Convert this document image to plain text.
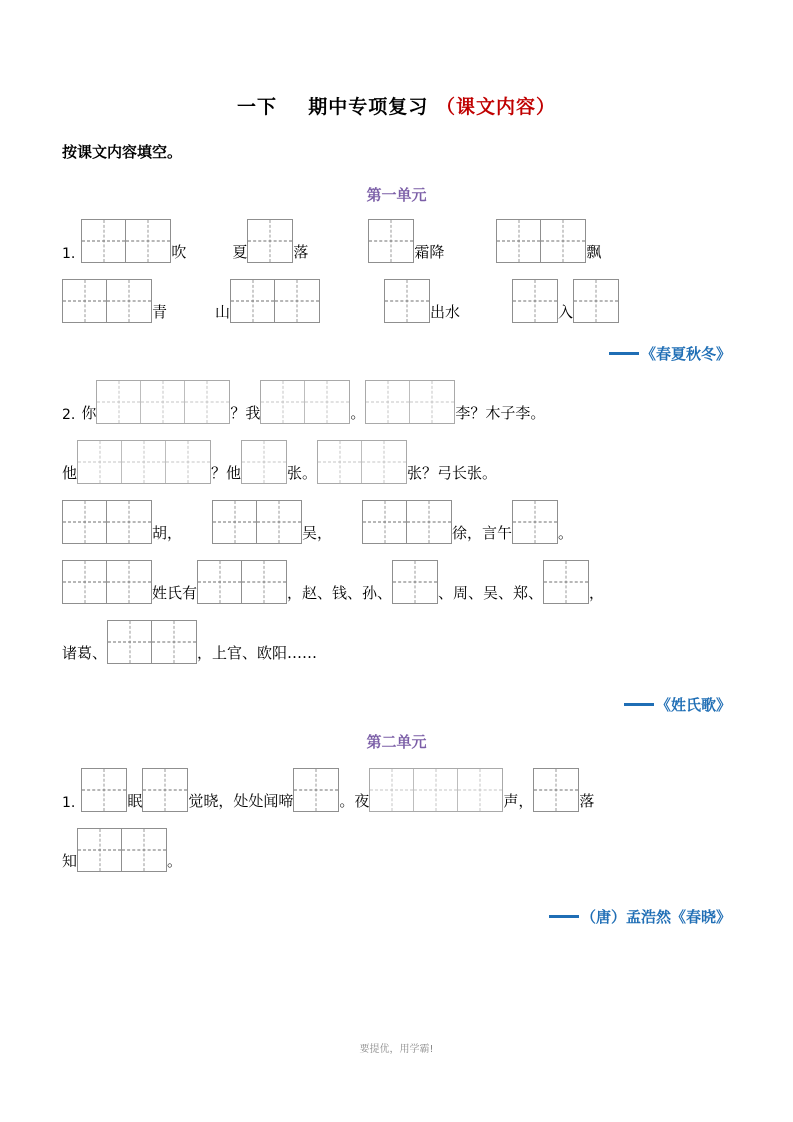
一下 期中专项复习 （课文内容）

按课文内容填空。

第一单元
1.	吹	夏	落	霜降	飘
青	山	出水	入
《春夏秋冬》
2. 你	？我	。	李？木子李。
他	？他	张。	张？弓长张。
胡，	吴，	徐，言午	。
姓氏有	，赵、钱、孙、	、周、吴、郑、	，
诸葛、	，上官、欧阳……
《姓氏歌》
第二单元
1.	眠	觉晓，处处闻啼	。夜	声，	落
知	。
（唐）孟浩然《春晓》
要提优，用学霸!
